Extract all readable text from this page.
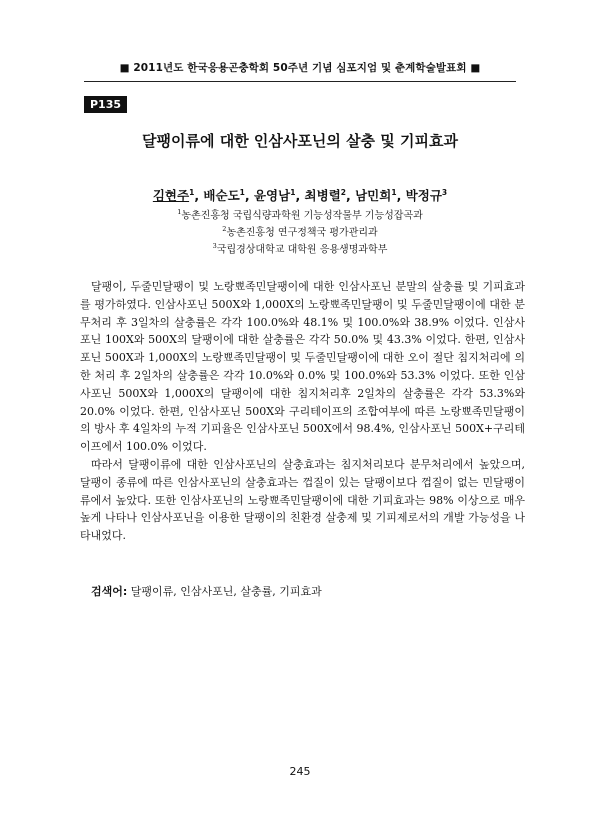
■ 2011년도 한국응용곤충학회 50주년 기념 심포지엄 및 춘계학술발표회 ■
P135
달팽이류에 대한 인삼사포닌의 살충 및 기피효과
김현주$^1$, 배순도$^1$, 윤영남$^1$, 최병렬$^2$, 남민희$^1$, 박정규$^3$
$^1$농촌진흥청 국립식량과학원 기능성작물부 기능성잡곡과
$^2$농촌진흥청 연구정책국 평가관리과
$^3$국립경상대학교 대학원 응용생명과학부

달팽이, 두줄민달팽이 및 노랑뾰족민달팽이에 대한 인삼사포닌 분말의 살충률 및 기피효과를 평가하였다. 인삼사포닌 500X와 1,000X의 노랑뾰족민달팽이 및 두줄민달팽이에 대한 분무처리 후 3일차의 살충률은 각각 100.0%와 48.1% 및 100.0%와 38.9% 이었다. 인삼사포닌 100X와 500X의 달팽이에 대한 살충률은 각각 50.0% 및 43.3% 이었다. 한편, 인삼사포닌 500X과 1,000X의 노랑뾰족민달팽이 및 두줄민달팽이에 대한 오이 절단 침지처리에 의한 처리 후 2일차의 살충률은 각각 10.0%와 0.0% 및 100.0%와 53.3% 이었다. 또한 인삼사포닌 500X와 1,000X의 달팽이에 대한 침지처리후 2일차의 살충률은 각각 53.3%와 20.0% 이었다. 한편, 인삼사포닌 500X와 구리테이프의 조합여부에 따른 노랑뾰족민달팽이의 방사 후 4일차의 누적 기피율은 인삼사포닌 500X에서 98.4%, 인삼사포닌 500X+구리테이프에서 100.0% 이었다.

따라서 달팽이류에 대한 인삼사포닌의 살충효과는 침지처리보다 분무처리에서 높았으며, 달팽이 종류에 따른 인삼사포닌의 살충효과는 껍질이 있는 달팽이보다 껍질이 없는 민달팽이류에서 높았다. 또한 인삼사포닌의 노랑뾰족민달팽이에 대한 기피효과는 98% 이상으로 매우 높게 나타나 인삼사포닌을 이용한 달팽이의 친환경 살충제 및 기피제로서의 개발 가능성을 나타내었다.

검색어: 달팽이류, 인삼사포닌, 살충률, 기피효과
245
